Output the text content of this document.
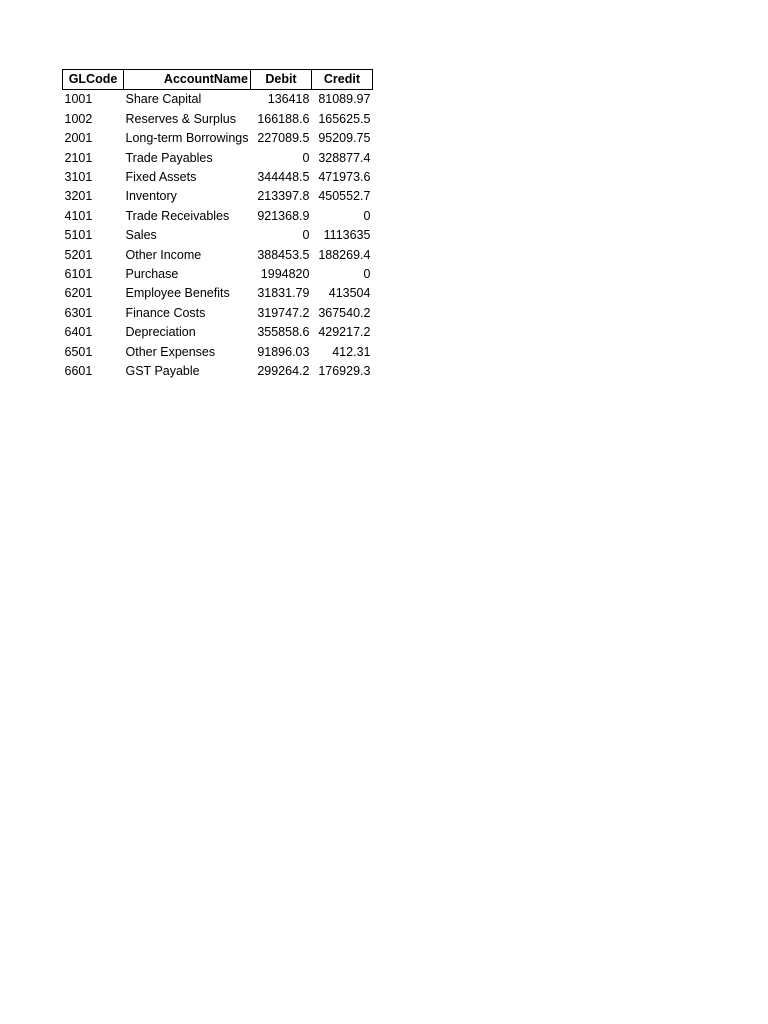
GLCode	AccountName	Debit	Credit
1001	Share Capital	136418	81089.97
1002	Reserves & Surplus	166188.6	165625.5
2001	Long-term Borrowings	227089.5	95209.75
2101	Trade Payables	0	328877.4
3101	Fixed Assets	344448.5	471973.6
3201	Inventory	213397.8	450552.7
4101	Trade Receivables	921368.9	0
5101	Sales	0	1113635
5201	Other Income	388453.5	188269.4
6101	Purchase	1994820	0
6201	Employee Benefits	31831.79	413504
6301	Finance Costs	319747.2	367540.2
6401	Depreciation	355858.6	429217.2
6501	Other Expenses	91896.03	412.31
6601	GST Payable	299264.2	176929.3
